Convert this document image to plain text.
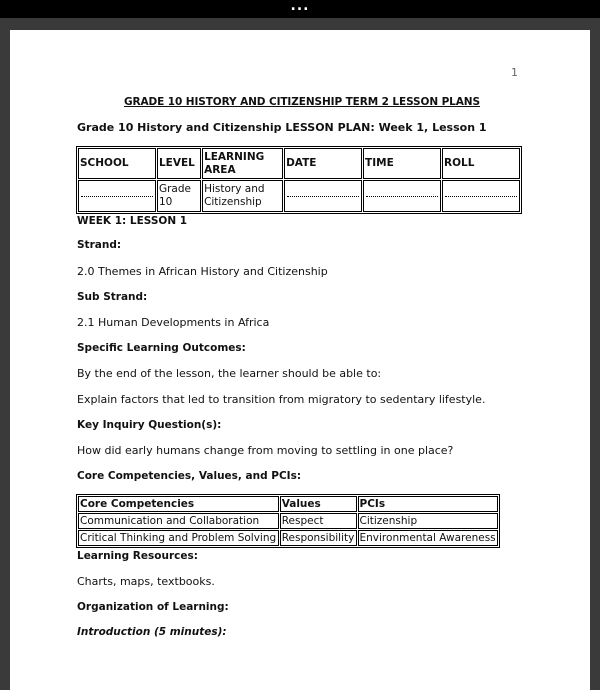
...
1

GRADE 10 HISTORY AND CITIZENSHIP TERM 2 LESSON PLANS

Grade 10 History and Citizenship LESSON PLAN: Week 1, Lesson 1

SCHOOL	LEVEL	LEARNING AREA	DATE	TIME	ROLL

	Grade 10	History and Citizenship	

WEEK 1: LESSON 1

Strand:

2.0 Themes in African History and Citizenship

Sub Strand:

2.1 Human Developments in Africa

Specific Learning Outcomes:

By the end of the lesson, the learner should be able to:

Explain factors that led to transition from migratory to sedentary lifestyle.

Key Inquiry Question(s):

How did early humans change from moving to settling in one place?

Core Competencies, Values, and PCIs:

Core Competencies	Values	PCIs
Communication and Collaboration	Respect	Citizenship
Critical Thinking and Problem Solving	Responsibility	Environmental Awareness

Learning Resources:

Charts, maps, textbooks.

Organization of Learning:

Introduction (5 minutes):
